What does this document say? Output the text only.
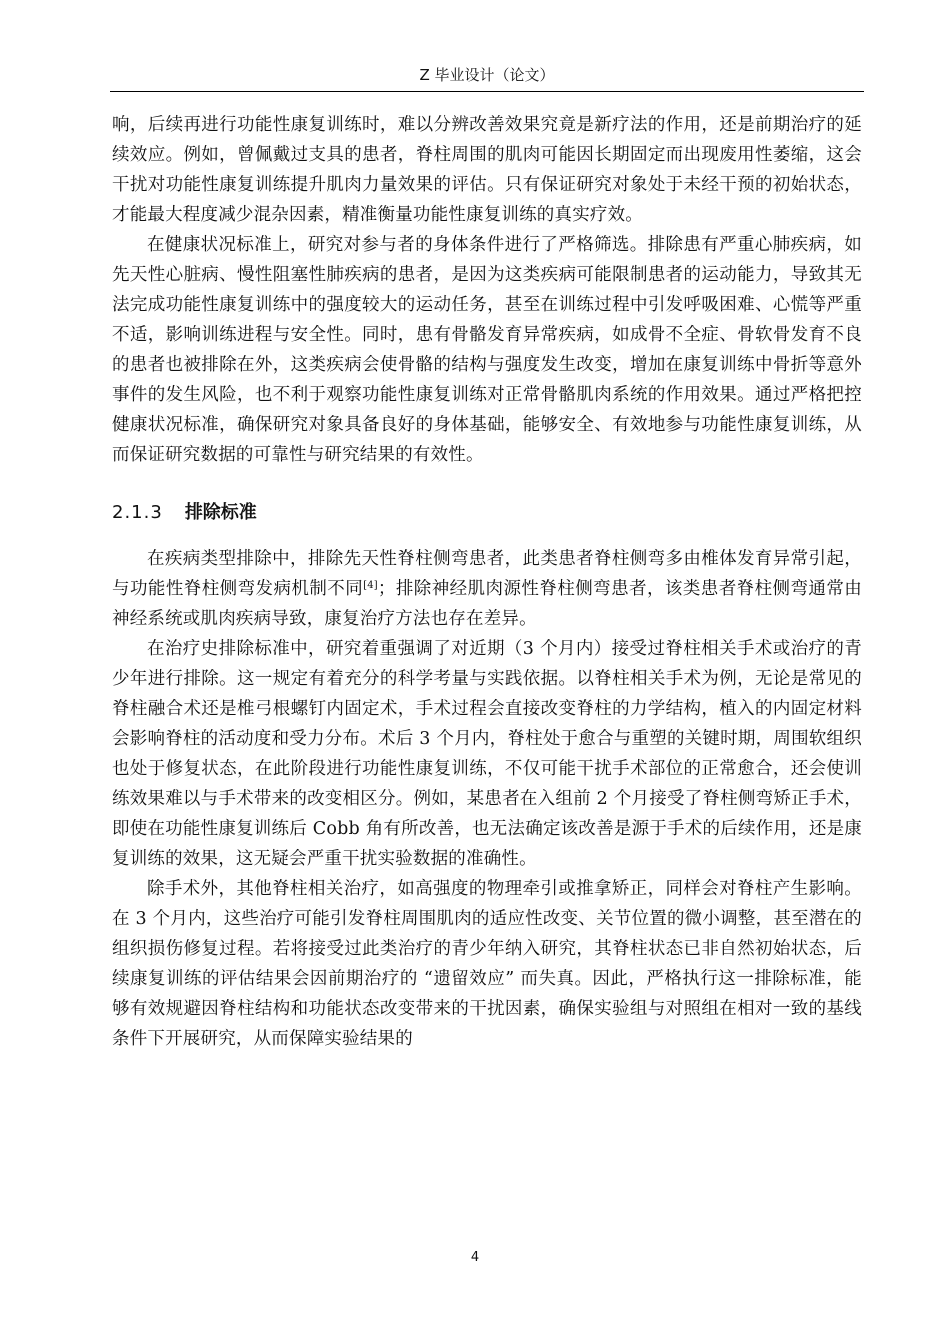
Z 毕业设计（论文）

响，后续再进行功能性康复训练时，难以分辨改善效果究竟是新疗法的作用，还是前期治疗的延续效应。例如，曾佩戴过支具的患者，脊柱周围的肌肉可能因长期固定而出现废用性萎缩，这会干扰对功能性康复训练提升肌肉力量效果的评估。只有保证研究对象处于未经干预的初始状态，才能最大程度减少混杂因素，精准衡量功能性康复训练的真实疗效。

在健康状况标准上，研究对参与者的身体条件进行了严格筛选。排除患有严重心肺疾病，如先天性心脏病、慢性阻塞性肺疾病的患者，是因为这类疾病可能限制患者的运动能力，导致其无法完成功能性康复训练中的强度较大的运动任务，甚至在训练过程中引发呼吸困难、心慌等严重不适，影响训练进程与安全性。同时，患有骨骼发育异常疾病，如成骨不全症、骨软骨发育不良的患者也被排除在外，这类疾病会使骨骼的结构与强度发生改变，增加在康复训练中骨折等意外事件的发生风险，也不利于观察功能性康复训练对正常骨骼肌肉系统的作用效果。通过严格把控健康状况标准，确保研究对象具备良好的身体基础，能够安全、有效地参与功能性康复训练，从而保证研究数据的可靠性与研究结果的有效性。

2.1.3 排除标准

在疾病类型排除中，排除先天性脊柱侧弯患者，此类患者脊柱侧弯多由椎体发育异常引起，与功能性脊柱侧弯发病机制不同[4]；排除神经肌肉源性脊柱侧弯患者，该类患者脊柱侧弯通常由神经系统或肌肉疾病导致，康复治疗方法也存在差异。

在治疗史排除标准中，研究着重强调了对近期（3 个月内）接受过脊柱相关手术或治疗的青少年进行排除。这一规定有着充分的科学考量与实践依据。以脊柱相关手术为例，无论是常见的脊柱融合术还是椎弓根螺钉内固定术，手术过程会直接改变脊柱的力学结构，植入的内固定材料会影响脊柱的活动度和受力分布。术后 3 个月内，脊柱处于愈合与重塑的关键时期，周围软组织也处于修复状态，在此阶段进行功能性康复训练，不仅可能干扰手术部位的正常愈合，还会使训练效果难以与手术带来的改变相区分。例如，某患者在入组前 2 个月接受了脊柱侧弯矫正手术，即使在功能性康复训练后 Cobb 角有所改善，也无法确定该改善是源于手术的后续作用，还是康复训练的效果，这无疑会严重干扰实验数据的准确性。

除手术外，其他脊柱相关治疗，如高强度的物理牵引或推拿矫正，同样会对脊柱产生影响。在 3 个月内，这些治疗可能引发脊柱周围肌肉的适应性改变、关节位置的微小调整，甚至潜在的组织损伤修复过程。若将接受过此类治疗的青少年纳入研究，其脊柱状态已非自然初始状态，后续康复训练的评估结果会因前期治疗的 “遗留效应” 而失真。因此，严格执行这一排除标准，能够有效规避因脊柱结构和功能状态改变带来的干扰因素，确保实验组与对照组在相对一致的基线条件下开展研究，从而保障实验结果的

4
